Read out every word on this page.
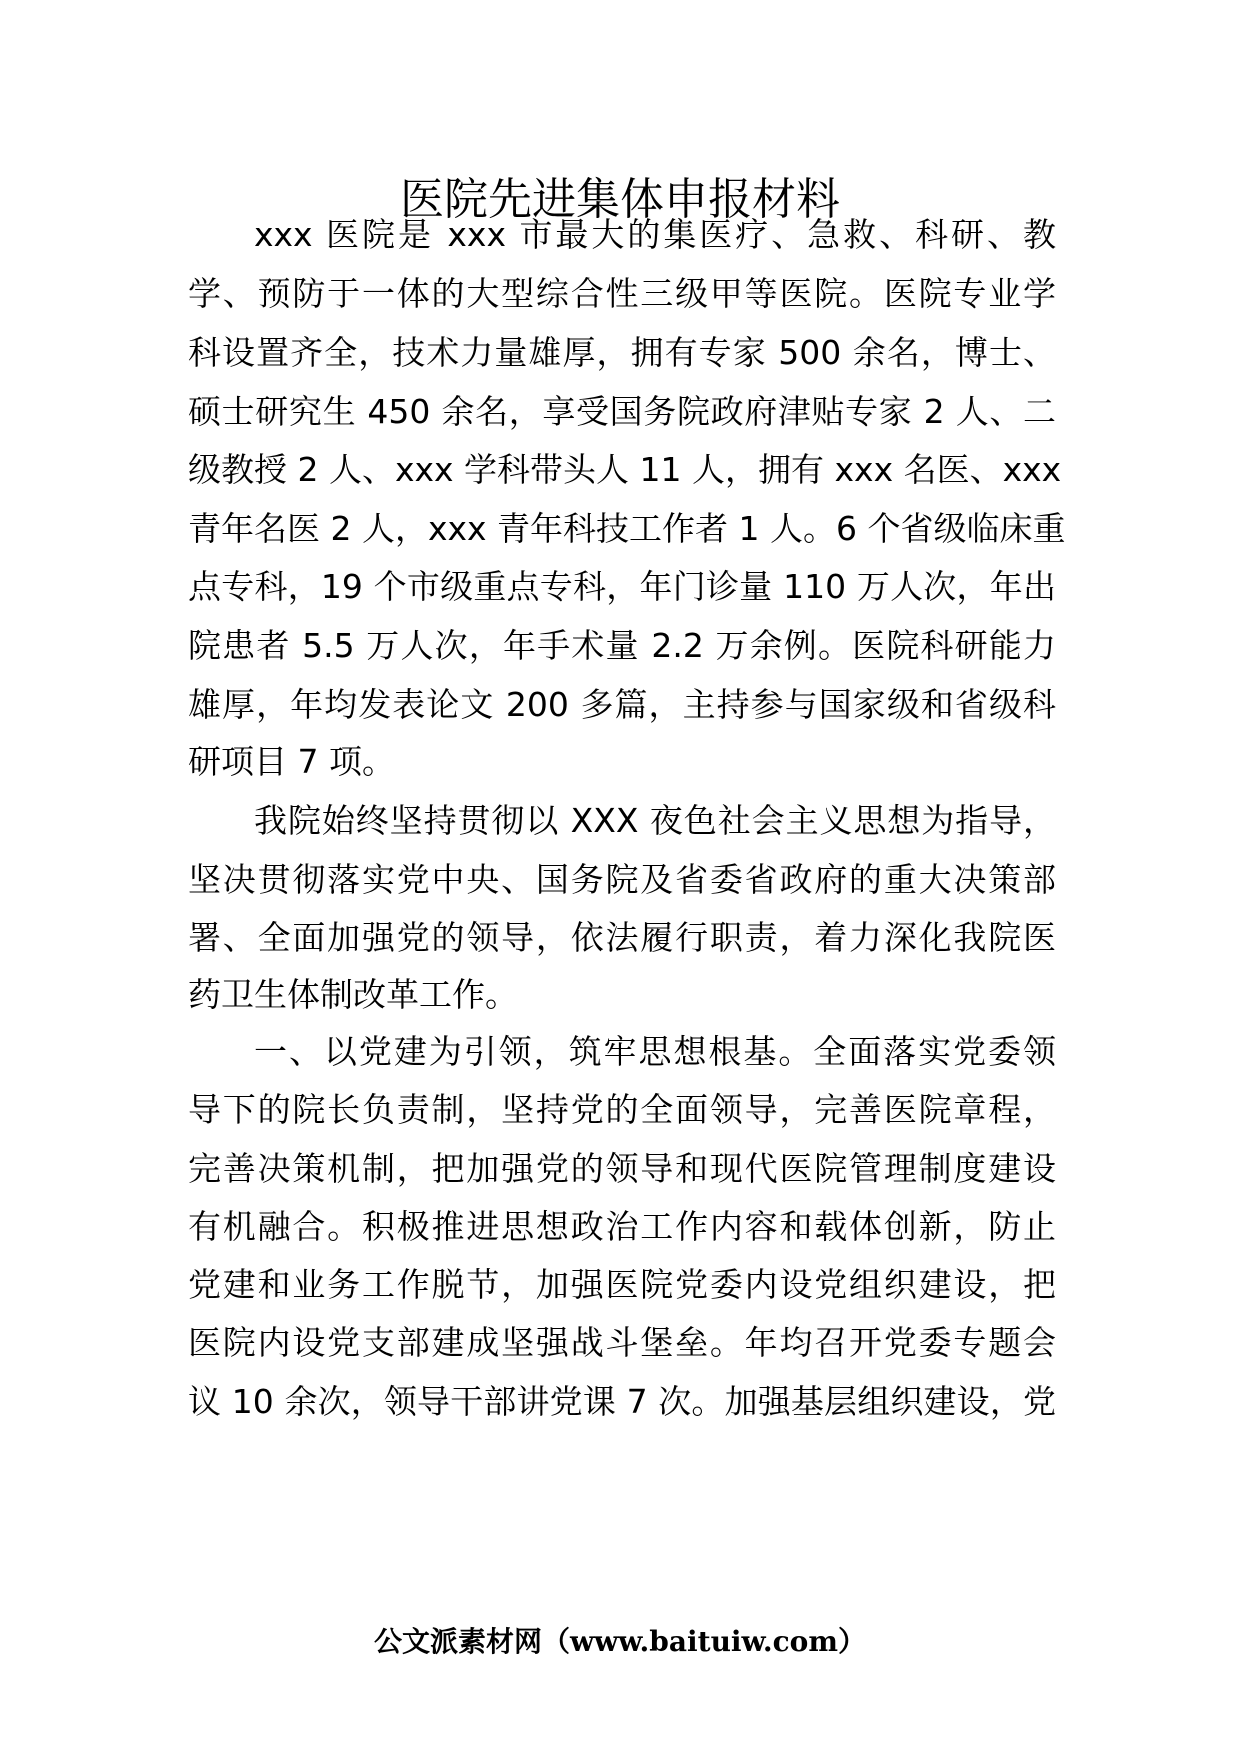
医院先进集体申报材料
xxx 医院是 xxx 市最大的集医疗、急救、科研、教
学、预防于一体的大型综合性三级甲等医院。医院专业学
科设置齐全，技术力量雄厚，拥有专家 500 余名，博士、
硕士研究生 450 余名，享受国务院政府津贴专家 2 人、二
级教授 2 人、xxx 学科带头人 11 人，拥有 xxx 名医、xxx
青年名医 2 人，xxx 青年科技工作者 1 人。6 个省级临床重
点专科，19 个市级重点专科，年门诊量 110 万人次，年出
院患者 5.5 万人次，年手术量 2.2 万余例。医院科研能力
雄厚，年均发表论文 200 多篇，主持参与国家级和省级科
研项目 7 项。
我院始终坚持贯彻以 XXX 夜色社会主义思想为指导，
坚决贯彻落实党中央、国务院及省委省政府的重大决策部
署、全面加强党的领导，依法履行职责，着力深化我院医
药卫生体制改革工作。
一、以党建为引领，筑牢思想根基。全面落实党委领
导下的院长负责制，坚持党的全面领导，完善医院章程，
完善决策机制，把加强党的领导和现代医院管理制度建设
有机融合。积极推进思想政治工作内容和载体创新，防止
党建和业务工作脱节，加强医院党委内设党组织建设，把
医院内设党支部建成坚强战斗堡垒。年均召开党委专题会
议 10 余次，领导干部讲党课 7 次。加强基层组织建设，党
公文派素材网（www.baituiw.com）
